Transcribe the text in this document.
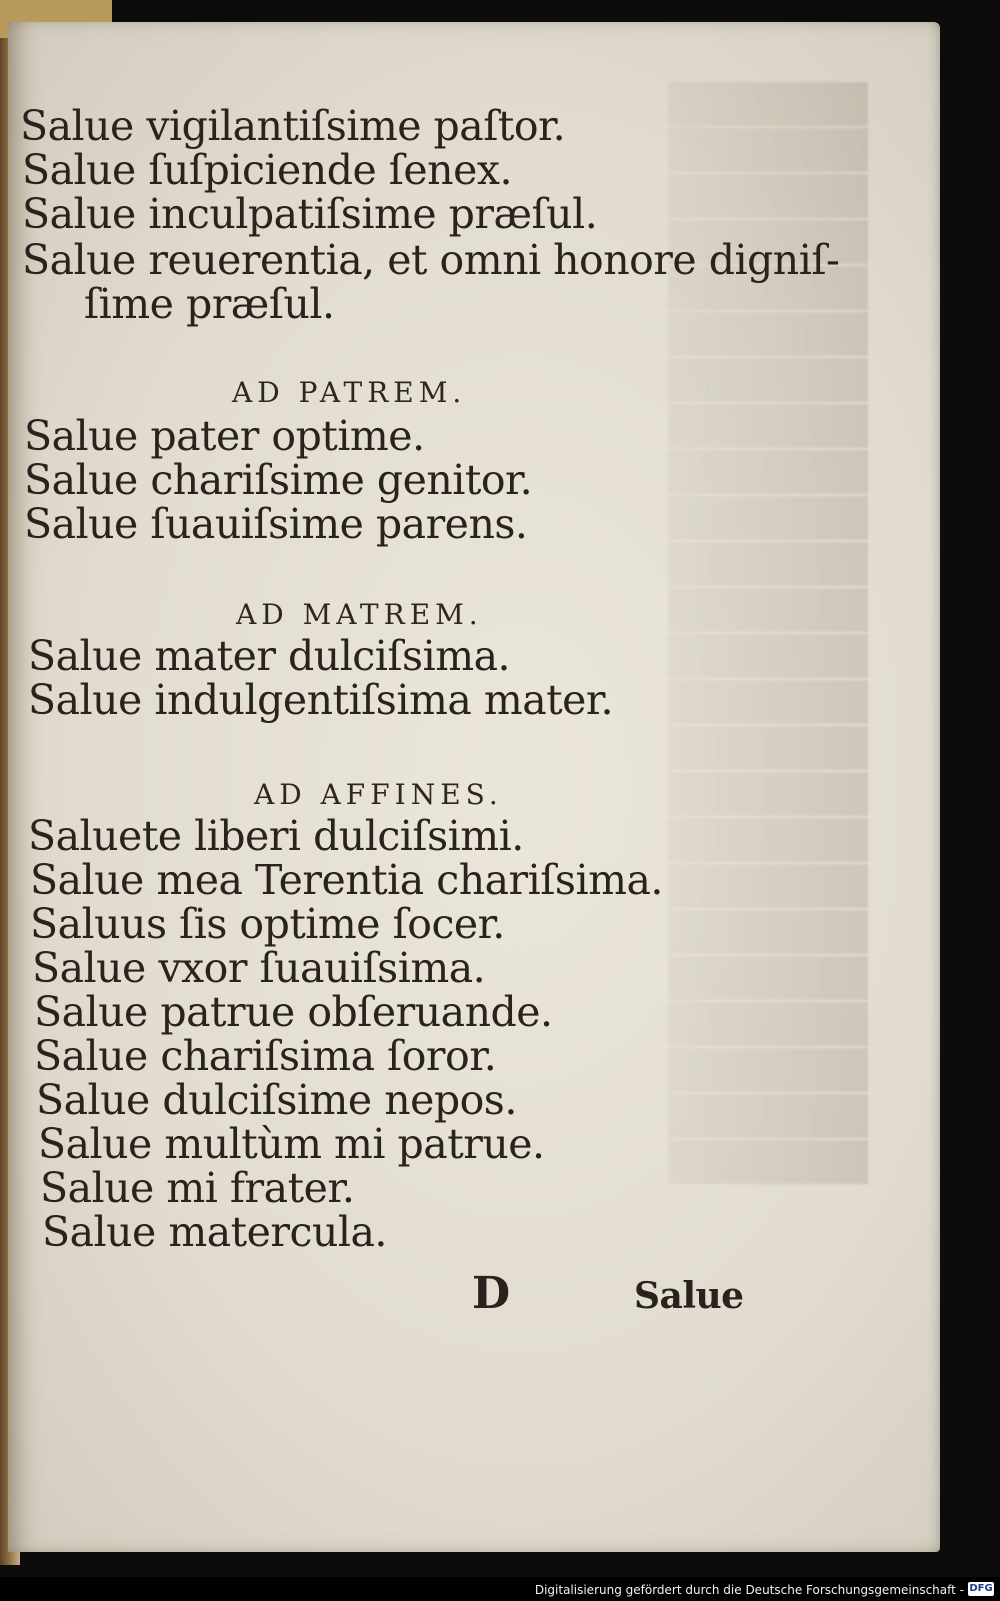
Salue vigilantiſsime paſtor.
Salue ſuſpiciende ſenex.
Salue inculpatiſsime præſul.
Salue reuerentia, et omni honore digniſ-
ſime præſul.
AD PATREM.
Salue pater optime.
Salue chariſsime genitor.
Salue ſuauiſsime parens.
AD MATREM.
Salue mater dulciſsima.
Salue indulgentiſsima mater.
AD AFFINES.
Saluete liberi dulciſsimi.
Salue mea Terentia chariſsima.
Saluus ſis optime ſocer.
Salue vxor ſuauiſsima.
Salue patrue obſeruande.
Salue chariſsima ſoror.
Salue dulciſsime nepos.
Salue multùm mi patrue.
Salue mi frater.
Salue matercula.
D	Salue
Digitalisierung gefördert durch die Deutsche Forschungsgemeinschaft - DFG
